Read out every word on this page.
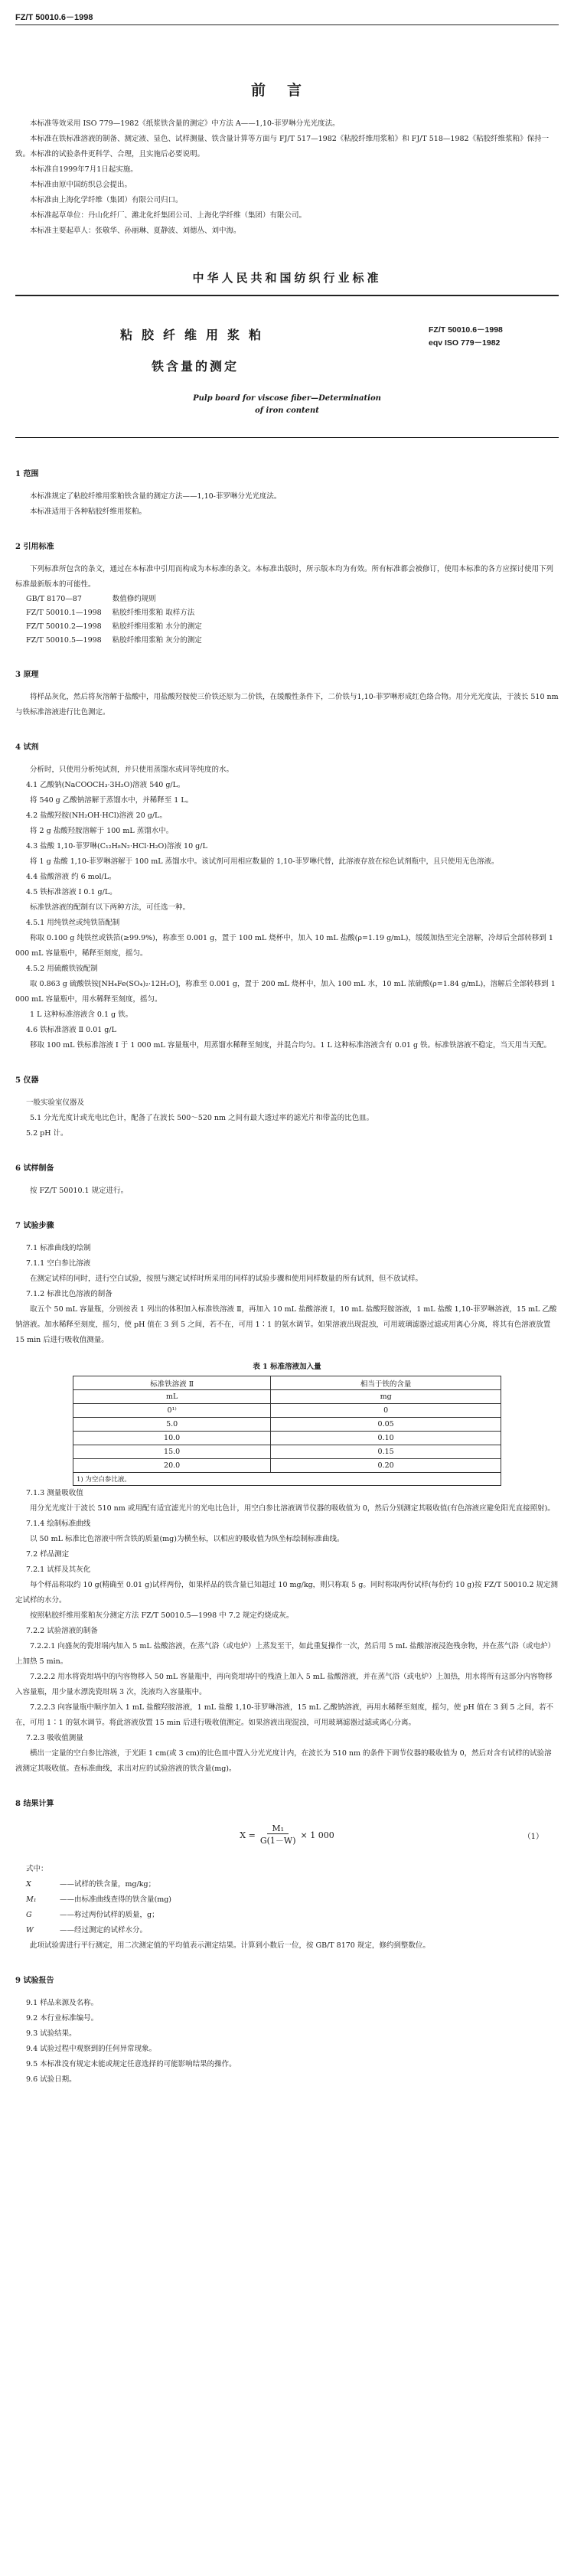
FZ/T 50010.6－1998
前言

本标准等效采用 ISO 779—1982《纸浆铁含量的测定》中方法 A——1,10-菲罗啉分光光度法。

本标准在铁标准溶液的制备、测定液、显色、试样测量、铁含量计算等方面与 FJ/T 517—1982《粘胶纤维用浆粕》和 FJ/T 518—1982《粘胶纤维浆粕》保持一致。本标准的试验条件更科学、合理，且实施后必要说明。

本标准自1999年7月1日起实施。

本标准由原中国纺织总会提出。

本标准由上海化学纤维（集团）有限公司归口。

本标准起草单位：丹山化纤厂、潍北化纤集团公司、上海化学纤维（集团）有限公司。

本标准主要起草人：张敬华、孙丽琳、夏静波、刘德丛、刘中海。

中华人民共和国纺织行业标准
粘胶纤维用浆粕
铁含量的测定
FZ/T 50010.6－1998
eqv ISO 779－1982
Pulp board for viscose fiber—Determination
of iron content
1 范围

本标准规定了粘胶纤维用浆粕铁含量的测定方法——1,10-菲罗啉分光光度法。

本标准适用于各种粘胶纤维用浆粕。

2 引用标准

下列标准所包含的条文，通过在本标准中引用而构成为本标准的条文。本标准出版时，所示版本均为有效。所有标准都会被修订，使用本标准的各方应探讨使用下列标准最新版本的可能性。

GB/T 8170—87	数值修约规则
FZ/T 50010.1—1998	粘胶纤维用浆粕 取样方法
FZ/T 50010.2—1998	粘胶纤维用浆粕 水分的测定
FZ/T 50010.5—1998	粘胶纤维用浆粕 灰分的测定
3 原理

将样品灰化，然后将灰溶解于盐酸中，用盐酸羟胺使三价铁还原为二价铁，在缓酸性条件下，二价铁与1,10-菲罗啉形成红色络合物。用分光光度法，于波长 510 nm 与铁标准溶液进行比色测定。

4 试剂

分析时，只使用分析纯试剂，并只使用蒸馏水或同等纯度的水。

4.1 乙酸钠(NaCOOCH₃·3H₂O)溶液 540 g/L。

将 540 g 乙酸钠溶解于蒸馏水中，并稀释至 1 L。

4.2 盐酸羟胺(NH₂OH·HCl)溶液 20 g/L。

将 2 g 盐酸羟胺溶解于 100 mL 蒸馏水中。

4.3 盐酸 1,10-菲罗啉(C₁₂H₈N₂·HCl·H₂O)溶液 10 g/L

将 1 g 盐酸 1,10-菲罗啉溶解于 100 mL 蒸馏水中。该试剂可用相应数量的 1,10-菲罗啉代替，此溶液存放在棕色试剂瓶中，且只使用无色溶液。

4.4 盐酸溶液 约 6 mol/L。

4.5 铁标准溶液 Ⅰ 0.1 g/L。

标准铁溶液的配制有以下两种方法，可任选一种。

4.5.1 用纯铁丝或纯铁箔配制

称取 0.100 g 纯铁丝或铁箔(≥99.9%)，称准至 0.001 g，置于 100 mL 烧杯中，加入 10 mL 盐酸(ρ=1.19 g/mL)，缓缓加热至完全溶解，冷却后全部转移到 1 000 mL 容量瓶中，稀释至刻度，摇匀。

4.5.2 用硫酸铁铵配制

取 0.863 g 硫酸铁铵[NH₄Fe(SO₄)₂·12H₂O]，称准至 0.001 g，置于 200 mL 烧杯中，加入 100 mL 水，10 mL 浓硫酸(ρ=1.84 g/mL)，溶解后全部转移到 1 000 mL 容量瓶中，用水稀释至刻度，摇匀。

1 L 这种标准溶液含 0.1 g 铁。

4.6 铁标准溶液 Ⅱ 0.01 g/L

移取 100 mL 铁标准溶液 Ⅰ 于 1 000 mL 容量瓶中，用蒸馏水稀释至刻度，并混合均匀。1 L 这种标准溶液含有 0.01 g 铁。标准铁溶液不稳定，当天用当天配。

5 仪器

一般实验室仪器及

5.1 分光光度计或光电比色计，配备了在波长 500～520 nm 之间有最大透过率的滤光片和带盖的比色皿。

5.2 pH 计。

6 试样制备

按 FZ/T 50010.1 规定进行。

7 试验步骤

7.1 标准曲线的绘制

7.1.1 空白参比溶液

在测定试样的同时，进行空白试验，按照与测定试样时所采用的同样的试验步骤和使用同样数量的所有试剂，但不放试样。

7.1.2 标准比色溶液的制备

取五个 50 mL 容量瓶，分别按表 1 列出的体积加入标准铁溶液 Ⅱ，再加入 10 mL 盐酸溶液 Ⅰ，10 mL 盐酸羟胺溶液，1 mL 盐酸 1,10-菲罗啉溶液，15 mL 乙酸钠溶液。加水稀释至刻度，摇匀，使 pH 值在 3 到 5 之间，若不在，可用 1∶1 的氨水调节。如果溶液出现混浊，可用玻璃滤器过滤或用离心分离，将其有色溶液放置 15 min 后进行吸收值测量。

表 1 标准溶液加入量
标准铁溶液 Ⅱ	相当于铁的含量
mL	mg
0¹⁾	0
5.0	0.05
10.0	0.10
15.0	0.15
20.0	0.20
1) 为空白参比液。

7.1.3 测量吸收值

用分光光度计于波长 510 nm 或用配有适宜滤光片的光电比色计，用空白参比溶液调节仪器的吸收值为 0，然后分别测定其吸收值(有色溶液应避免阳光直接照射)。

7.1.4 绘制标准曲线

以 50 mL 标准比色溶液中所含铁的质量(mg)为横坐标，以相应的吸收值为纵坐标绘制标准曲线。

7.2 样品测定

7.2.1 试样及其灰化

每个样品称取约 10 g(精确至 0.01 g)试样两份，如果样品的铁含量已知超过 10 mg/kg，则只称取 5 g。同时称取两份试样(每份约 10 g)按 FZ/T 50010.2 规定测定试样的水分。

按照粘胶纤维用浆粕灰分测定方法 FZ/T 50010.5—1998 中 7.2 规定灼烧成灰。

7.2.2 试验溶液的制备

7.2.2.1 向盛灰的瓷坩埚内加入 5 mL 盐酸溶液，在蒸气浴（或电炉）上蒸发至干，如此重复操作一次，然后用 5 mL 盐酸溶液浸泡残余物，并在蒸气浴（或电炉）上加热 5 min。

7.2.2.2 用水将瓷坩埚中的内容物移入 50 mL 容量瓶中，再向瓷坩埚中的残渣上加入 5 mL 盐酸溶液，并在蒸气浴（或电炉）上加热，用水将所有这部分内容物移入容量瓶，用少量水漂洗瓷坩埚 3 次，洗液均入容量瓶中。

7.2.2.3 向容量瓶中顺序加入 1 mL 盐酸羟胺溶液，1 mL 盐酸 1,10-菲罗啉溶液，15 mL 乙酸钠溶液，再用水稀释至刻度，摇匀，使 pH 值在 3 到 5 之间，若不在，可用 1∶1 的氨水调节。将此溶液放置 15 min 后进行吸收值测定。如果溶液出现混浊，可用玻璃滤器过滤或离心分离。

7.2.3 吸收值测量

横出一定量的空白参比溶液，于光距 1 cm(或 3 cm)的比色皿中置入分光光度计内，在波长为 510 nm 的条件下调节仪器的吸收值为 0，然后对含有试样的试验溶液测定其吸收值。查标准曲线，求出对应的试验溶液的铁含量(mg)。

8 结果计算
$X = \frac{\text{M₁}}{G(1-W)} \times 1$ 000	（1）
式中：
X	——试样的铁含量，mg/kg；
M₁	——由标准曲线查得的铁含量(mg)
G	——称过两份试样的质量，g；
W	——经过测定的试样水分。

此项试验需进行平行测定，用二次测定值的平均值表示测定结果。计算到小数后一位，按 GB/T 8170 规定，修约到整数位。

9 试验报告

9.1 样品来源及名称。

9.2 本行业标准编号。

9.3 试验结果。

9.4 试验过程中观察到的任何异常现象。

9.5 本标准没有规定未能或规定任意选择的可能影响结果的操作。

9.6 试验日期。
